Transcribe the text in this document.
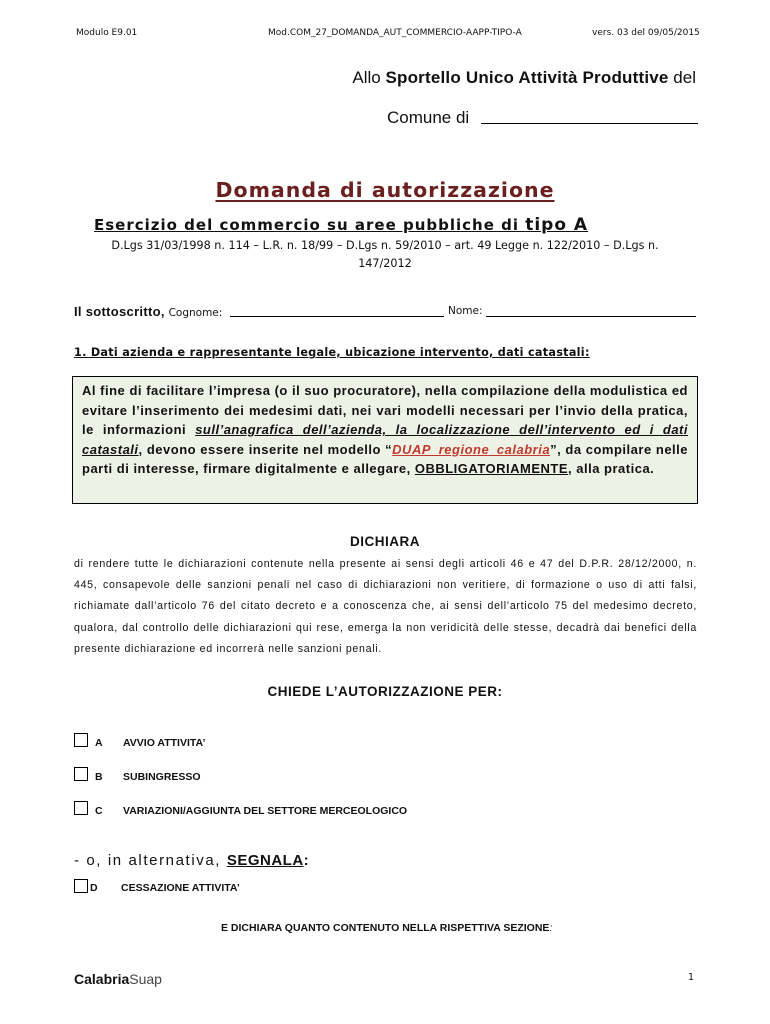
Modulo E9.01	Mod.COM_27_DOMANDA_AUT_COMMERCIO-AAPP-TIPO-A	vers. 03 del 09/05/2015
Allo Sportello Unico Attività Produttive del
Comune di
Domanda di autorizzazione
Esercizio del commercio su aree pubbliche di tipo A
D.Lgs 31/03/1998 n. 114 – L.R. n. 18/99 – D.Lgs n. 59/2010 – art. 49 Legge n. 122/2010 – D.Lgs n. 147/2012
Il sottoscritto, Cognome:	Nome:
1. Dati azienda e rappresentante legale, ubicazione intervento, dati catastali:
Al fine di facilitare l’impresa (o il suo procuratore), nella compilazione della modulistica ed evitare l’inserimento dei medesimi dati, nei vari modelli necessari per l’invio della pratica, le informazioni sull’anagrafica dell’azienda, la localizzazione dell’intervento ed i dati catastali, devono essere inserite nel modello “DUAP_regione_calabria”, da compilare nelle parti di interesse, firmare digitalmente e allegare, OBBLIGATORIAMENTE, alla pratica.
DICHIARA
di rendere tutte le dichiarazioni contenute nella presente ai sensi degli articoli 46 e 47 del D.P.R. 28/12/2000, n. 445, consapevole delle sanzioni penali nel caso di dichiarazioni non veritiere, di formazione o uso di atti falsi, richiamate dall’articolo 76 del citato decreto e a conoscenza che, ai sensi dell’articolo 75 del medesimo decreto, qualora, dal controllo delle dichiarazioni qui rese, emerga la non veridicità delle stesse, decadrà dai benefici della presente dichiarazione ed incorrerà nelle sanzioni penali.
CHIEDE L’AUTORIZZAZIONE PER:
A AVVIO ATTIVITA’
B SUBINGRESSO
C VARIAZIONI/AGGIUNTA DEL SETTORE MERCEOLOGICO
- o, in alternativa, SEGNALA:
D CESSAZIONE ATTIVITA’
E DICHIARA QUANTO CONTENUTO NELLA RISPETTIVA SEZIONE:
CalabriaSuap	1
